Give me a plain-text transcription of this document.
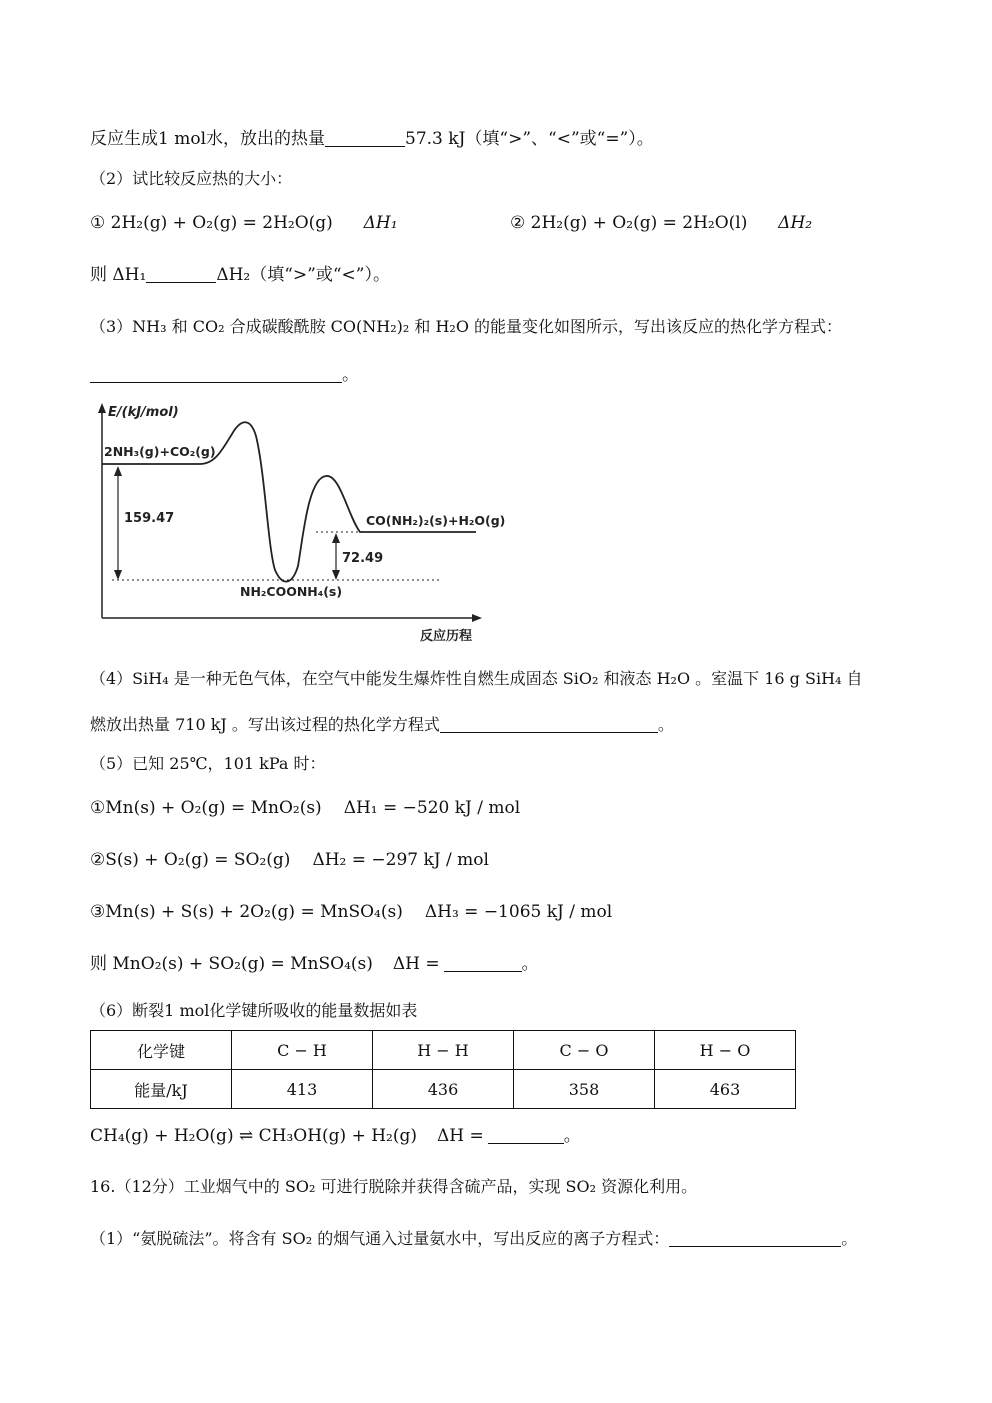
反应生成1 mol水，放出的热量	57.3 kJ（填“>”、“<”或“=”）。
（2）试比较反应热的大小：
① 2H₂(g) + O₂(g) = 2H₂O(g) ΔH₁	② 2H₂(g) + O₂(g) = 2H₂O(l) ΔH₂
则 ΔH₁	ΔH₂（填“>”或“<”）。
（3）NH₃ 和 CO₂ 合成碳酸酰胺 CO(NH₂)₂ 和 H₂O 的能量变化如图所示，写出该反应的热化学方程式：
。
E/(kJ/mol)
反应历程
159.47
72.49
2NH₃(g)+CO₂(g)
CO(NH₂)₂(s)+H₂O(g)
NH₂COONH₄(s)
（4）SiH₄ 是一种无色气体，在空气中能发生爆炸性自燃生成固态 SiO₂ 和液态 H₂O 。室温下 16 g SiH₄ 自
燃放出热量 710 kJ 。写出该过程的热化学方程式	。
（5）已知 25℃，101 kPa 时：
①Mn(s) + O₂(g) = MnO₂(s) ΔH₁ = −520 kJ / mol
②S(s) + O₂(g) = SO₂(g) ΔH₂ = −297 kJ / mol
③Mn(s) + S(s) + 2O₂(g) = MnSO₄(s) ΔH₃ = −1065 kJ / mol
则 MnO₂(s) + SO₂(g) = MnSO₄(s) ΔH =	。
（6）断裂1 mol化学键所吸收的能量数据如表
化学键	C − H	H − H	C − O	H − O
能量/kJ	413	436	358	463
CH₄(g) + H₂O(g) ⇌ CH₃OH(g) + H₂(g) ΔH =	。
16.（12分）工业烟气中的 SO₂ 可进行脱除并获得含硫产品，实现 SO₂ 资源化利用。
（1）“氨脱硫法”。将含有 SO₂ 的烟气通入过量氨水中，写出反应的离子方程式：	。
